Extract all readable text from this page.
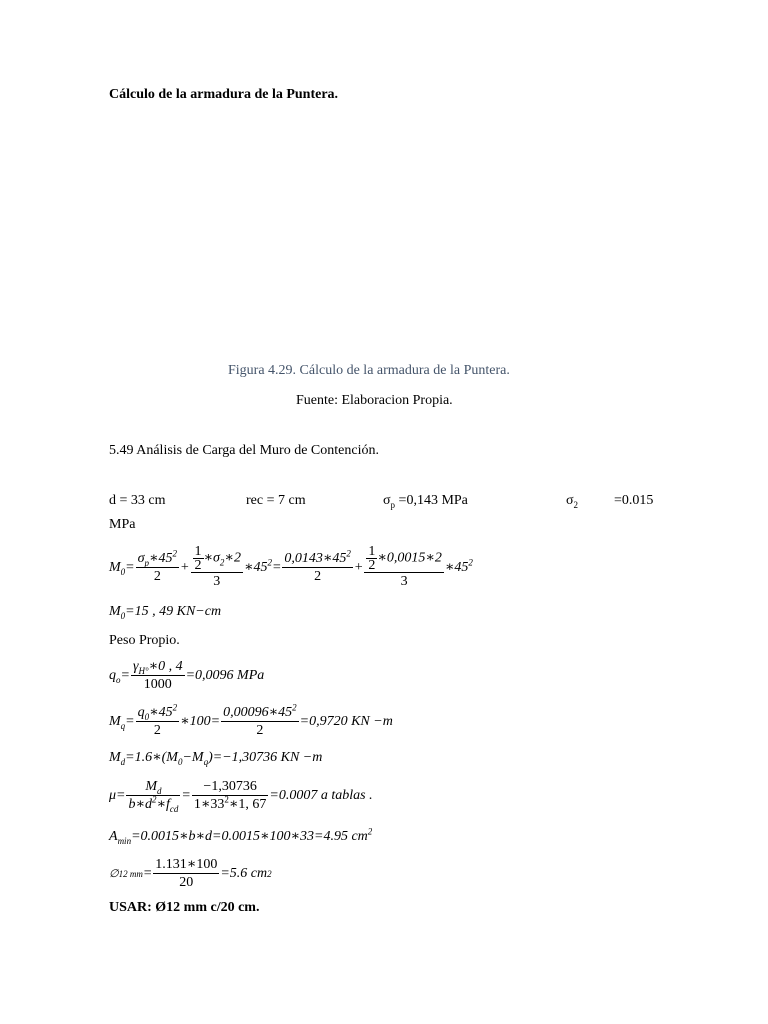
Cálculo de la armadura de la Puntera.
Figura 4.29. Cálculo de la armadura de la Puntera.
Fuente: Elaboracion Propia.
5.49 Análisis de Carga del Muro de Contención.
d = 33 cm	rec = 7 cm	$\sigma_p =0,143$ MPa	$\sigma_2$	=0.015
MPa
$M_0= \frac{\sigma_p∗45^2}{2} + \frac{\frac{1}{2} ∗\sigma_2∗2}{3}$ $∗45^2= \frac{0,0143∗45^2}{2} + \frac{\frac{1}{2} ∗0,0015∗2}{3}$ $∗45^2$
$M_0=15$ , 49 KN−cm
Peso Propio.
$q_o= \frac{\gamma_{H^\circ}∗0 , 4}{1000} =0,0096$ MPa
$M_q= \frac{q_0∗45^2}{2}$ ∗100= $\frac{0,00096∗45^2}{2} =0,9720$ KN −m
$M_d=1.6∗(M_0-M_q)=-1,30736$ KN −m
$\mu= \frac{M_d}{b∗d^2∗f_{cd}} = \frac{-1,30736}{1∗33^2∗1, 67} =0.0007$ a tablas .
$A_{min}=0.0015∗b∗d=0.0015∗100∗33=4.95$ $cm^2$
∅ 12 mm = $\frac{1.131∗100}{20} =5.6$ cm 2
USAR: Ø12 mm c/20 cm.
